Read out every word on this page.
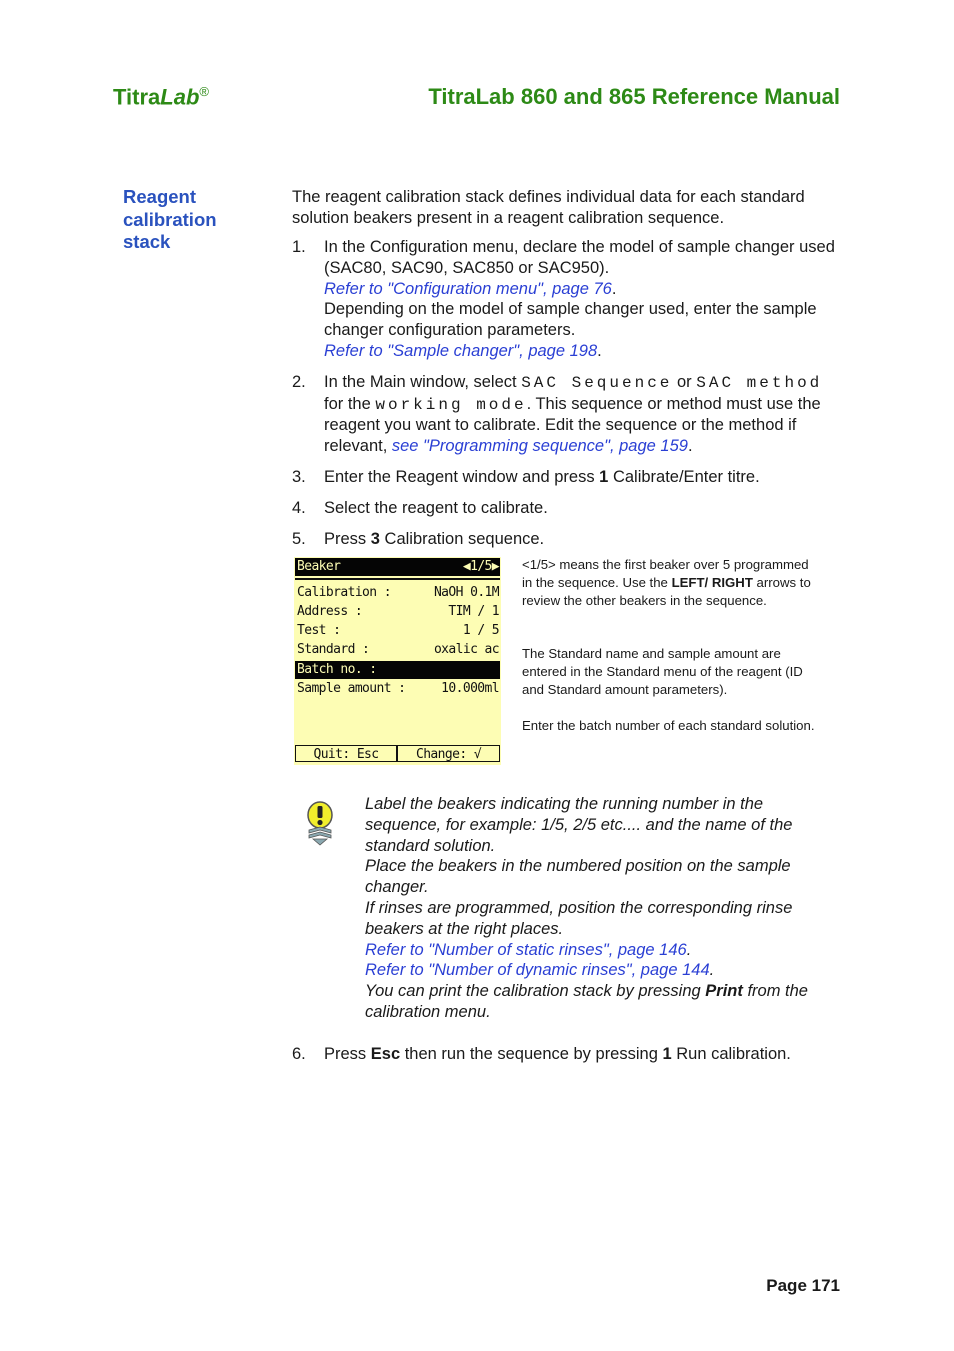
TitraLab®	TitraLab 860 and 865 Reference Manual
Reagent
calibration
stack
The reagent calibration stack defines individual data for each standard solution beakers present in a reagent calibration sequence.
1. In the Configuration menu, declare the model of sample changer used (SAC80, SAC90, SAC850 or SAC950).
Refer to "Configuration menu", page 76.
Depending on the model of sample changer used, enter the sample changer configuration parameters.
Refer to "Sample changer", page 198.
2. In the Main window, select SAC Sequence or SAC method for the working mode. This sequence or method must use the reagent you want to calibrate. Edit the sequence or the method if relevant, see "Programming sequence", page 159.
3. Enter the Reagent window and press 1 Calibrate/Enter titre.
4. Select the reagent to calibrate.
5. Press 3 Calibration sequence.
Beaker	◀1/5▶
Calibration :	NaOH 0.1M
Address :	TIM / 1
Test :	1 / 5
Standard :	oxalic ac
Batch no. :
Sample amount :	10.000ml
Quit: Esc	Change: √

<1/5> means the first beaker over 5 programmed in the sequence. Use the LEFT/ RIGHT arrows to review the other beakers in the sequence.

The Standard name and sample amount are entered in the Standard menu of the reagent (ID and Standard amount parameters).
Enter the batch number of each standard solution.

Label the beakers indicating the running number in the sequence, for example: 1/5, 2/5 etc.... and the name of the standard solution.

Place the beakers in the numbered position on the sample changer.

If rinses are programmed, position the corresponding rinse beakers at the right places.

Refer to "Number of static rinses", page 146.

Refer to "Number of dynamic rinses", page 144.

You can print the calibration stack by pressing Print from the calibration menu.

6. Press Esc then run the sequence by pressing 1 Run calibration.
Page 171
